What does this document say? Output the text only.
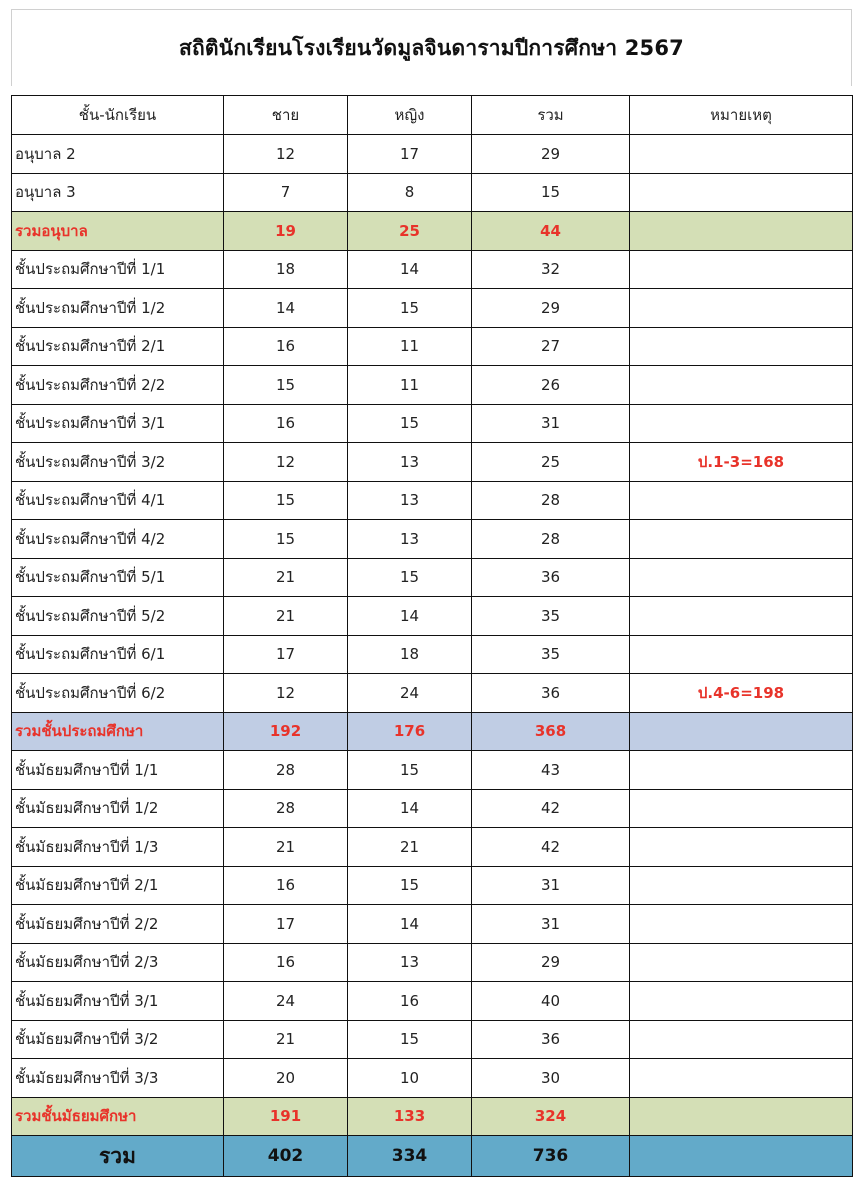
สถิตินักเรียนโรงเรียนวัดมูลจินดารามปีการศึกษา 2567
ชั้น-นักเรียน	ชาย	หญิง	รวม	หมายเหตุ
อนุบาล 2	12	17	29	
อนุบาล 3	7	8	15	
รวมอนุบาล	19	25	44	
ชั้นประถมศึกษาปีที่ 1/1	18	14	32	
ชั้นประถมศึกษาปีที่ 1/2	14	15	29	
ชั้นประถมศึกษาปีที่ 2/1	16	11	27	
ชั้นประถมศึกษาปีที่ 2/2	15	11	26	
ชั้นประถมศึกษาปีที่ 3/1	16	15	31	
ชั้นประถมศึกษาปีที่ 3/2	12	13	25	ป.1-3=168
ชั้นประถมศึกษาปีที่ 4/1	15	13	28	
ชั้นประถมศึกษาปีที่ 4/2	15	13	28	
ชั้นประถมศึกษาปีที่ 5/1	21	15	36	
ชั้นประถมศึกษาปีที่ 5/2	21	14	35	
ชั้นประถมศึกษาปีที่ 6/1	17	18	35	
ชั้นประถมศึกษาปีที่ 6/2	12	24	36	ป.4-6=198
รวมชั้นประถมศึกษา	192	176	368	
ชั้นมัธยมศึกษาปีที่ 1/1	28	15	43	
ชั้นมัธยมศึกษาปีที่ 1/2	28	14	42	
ชั้นมัธยมศึกษาปีที่ 1/3	21	21	42	
ชั้นมัธยมศึกษาปีที่ 2/1	16	15	31	
ชั้นมัธยมศึกษาปีที่ 2/2	17	14	31	
ชั้นมัธยมศึกษาปีที่ 2/3	16	13	29	
ชั้นมัธยมศึกษาปีที่ 3/1	24	16	40	
ชั้นมัธยมศึกษาปีที่ 3/2	21	15	36	
ชั้นมัธยมศึกษาปีที่ 3/3	20	10	30	
รวมชั้นมัธยมศึกษา	191	133	324	
รวม	402	334	736	
